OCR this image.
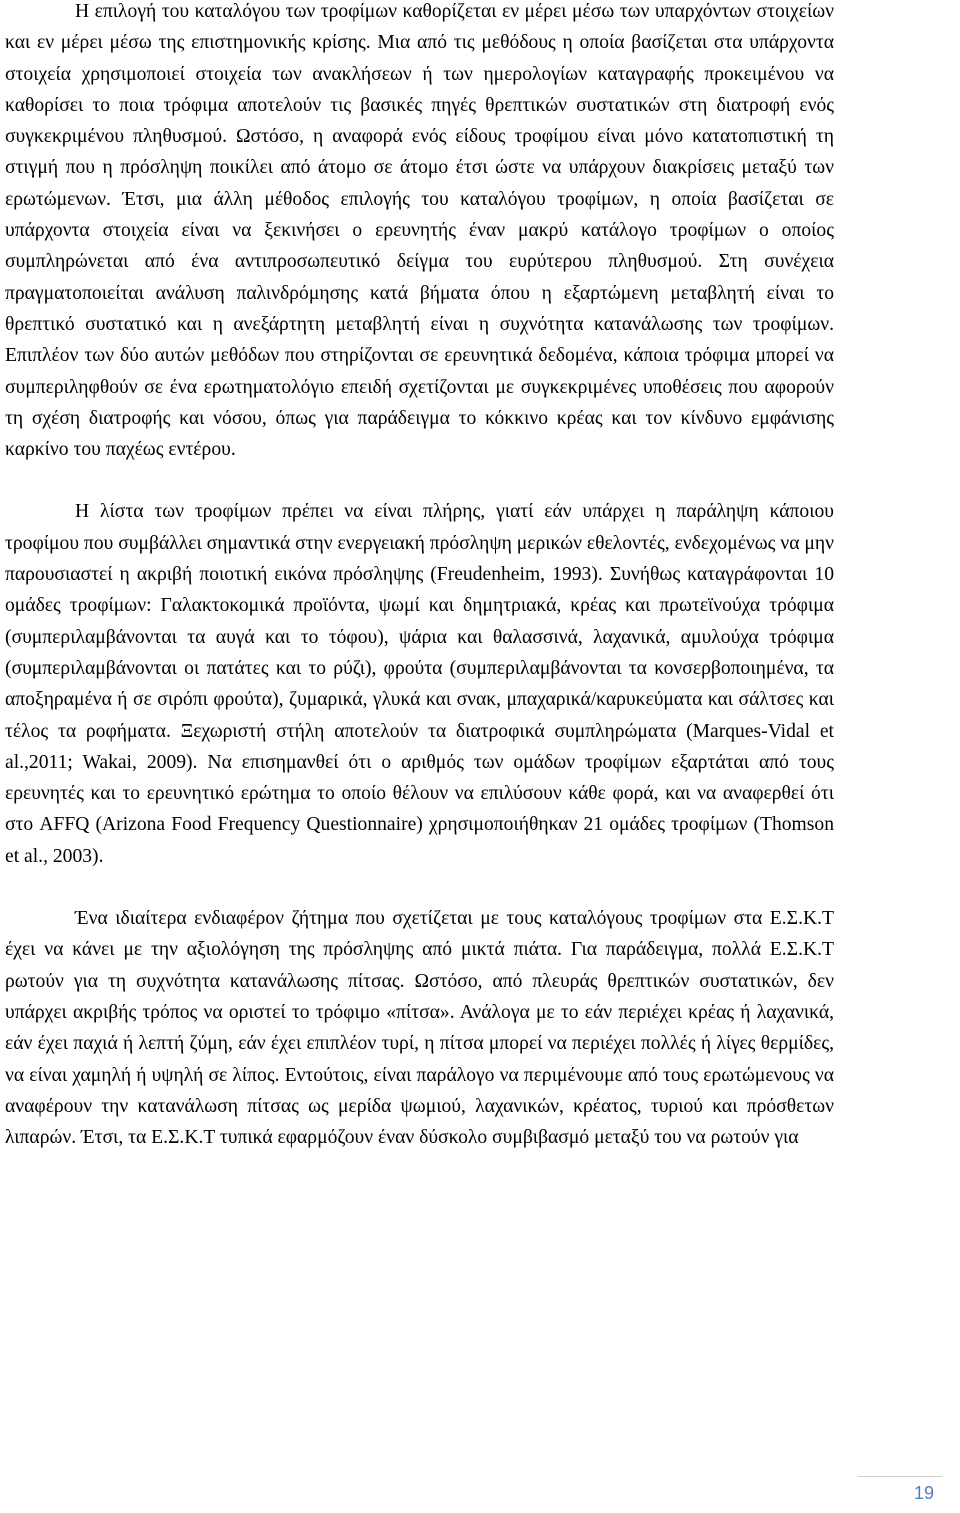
Η επιλογή του καταλόγου των τροφίμων καθορίζεται εν μέρει μέσω των υπαρχόντων στοιχείων και εν μέρει μέσω της επιστημονικής κρίσης. Μια από τις μεθόδους η οποία βασίζεται στα υπάρχοντα στοιχεία χρησιμοποιεί στοιχεία των ανακλήσεων ή των ημερολογίων καταγραφής προκειμένου να καθορίσει το ποια τρόφιμα αποτελούν τις βασικές πηγές θρεπτικών συστατικών στη διατροφή ενός συγκεκριμένου πληθυσμού. Ωστόσο, η αναφορά ενός είδους τροφίμου είναι μόνο κατατοπιστική τη στιγμή που η πρόσληψη ποικίλει από άτομο σε άτομο έτσι ώστε να υπάρχουν διακρίσεις μεταξύ των ερωτώμενων. Έτσι, μια άλλη μέθοδος επιλογής του καταλόγου τροφίμων, η οποία βασίζεται σε υπάρχοντα στοιχεία είναι να ξεκινήσει ο ερευνητής έναν μακρύ κατάλογο τροφίμων ο οποίος συμπληρώνεται από ένα αντιπροσωπευτικό δείγμα του ευρύτερου πληθυσμού. Στη συνέχεια πραγματοποιείται ανάλυση παλινδρόμησης κατά βήματα όπου η εξαρτώμενη μεταβλητή είναι το θρεπτικό συστατικό και η ανεξάρτητη μεταβλητή είναι η συχνότητα κατανάλωσης των τροφίμων. Επιπλέον των δύο αυτών μεθόδων που στηρίζονται σε ερευνητικά δεδομένα, κάποια τρόφιμα μπορεί να συμπεριληφθούν σε ένα ερωτηματολόγιο επειδή σχετίζονται με συγκεκριμένες υποθέσεις που αφορούν τη σχέση διατροφής και νόσου, όπως για παράδειγμα το κόκκινο κρέας και τον κίνδυνο εμφάνισης καρκίνο του παχέως εντέρου.

Η λίστα των τροφίμων πρέπει να είναι πλήρης, γιατί εάν υπάρχει η παράληψη κάποιου τροφίμου που συμβάλλει σημαντικά στην ενεργειακή πρόσληψη μερικών εθελοντές, ενδεχομένως να μην παρουσιαστεί η ακριβή ποιοτική εικόνα πρόσληψης (Freudenheim, 1993). Συνήθως καταγράφονται 10 ομάδες τροφίμων: Γαλακτοκομικά προϊόντα, ψωμί και δημητριακά, κρέας και πρωτεϊνούχα τρόφιμα (συμπεριλαμβάνονται τα αυγά και το τόφου), ψάρια και θαλασσινά, λαχανικά, αμυλούχα τρόφιμα (συμπεριλαμβάνονται οι πατάτες και το ρύζι), φρούτα (συμπεριλαμβάνονται τα κονσερβοποιημένα, τα αποξηραμένα ή σε σιρόπι φρούτα), ζυμαρικά, γλυκά και σνακ, μπαχαρικά/καρυκεύματα και σάλτσες και τέλος τα ροφήματα. Ξεχωριστή στήλη αποτελούν τα διατροφικά συμπληρώματα (Marques-Vidal et al.,2011; Wakai, 2009). Να επισημανθεί ότι ο αριθμός των ομάδων τροφίμων εξαρτάται από τους ερευνητές και το ερευνητικό ερώτημα το οποίο θέλουν να επιλύσουν κάθε φορά, και να αναφερθεί ότι στο AFFQ (Arizona Food Frequency Questionnaire) χρησιμοποιήθηκαν 21 ομάδες τροφίμων (Thomson et al., 2003).

Ένα ιδιαίτερα ενδιαφέρον ζήτημα που σχετίζεται με τους καταλόγους τροφίμων στα Ε.Σ.Κ.Τ έχει να κάνει με την αξιολόγηση της πρόσληψης από μικτά πιάτα. Για παράδειγμα, πολλά Ε.Σ.Κ.Τ ρωτούν για τη συχνότητα κατανάλωσης πίτσας. Ωστόσο, από πλευράς θρεπτικών συστατικών, δεν υπάρχει ακριβής τρόπος να οριστεί το τρόφιμο «πίτσα». Ανάλογα με το εάν περιέχει κρέας ή λαχανικά, εάν έχει παχιά ή λεπτή ζύμη, εάν έχει επιπλέον τυρί, η πίτσα μπορεί να περιέχει πολλές ή λίγες θερμίδες, να είναι χαμηλή ή υψηλή σε λίπος. Εντούτοις, είναι παράλογο να περιμένουμε από τους ερωτώμενους να αναφέρουν την κατανάλωση πίτσας ως μερίδα ψωμιού, λαχανικών, κρέατος, τυριού και πρόσθετων λιπαρών. Έτσι, τα Ε.Σ.Κ.Τ τυπικά εφαρμόζουν έναν δύσκολο συμβιβασμό μεταξύ του να ρωτούν για

19
